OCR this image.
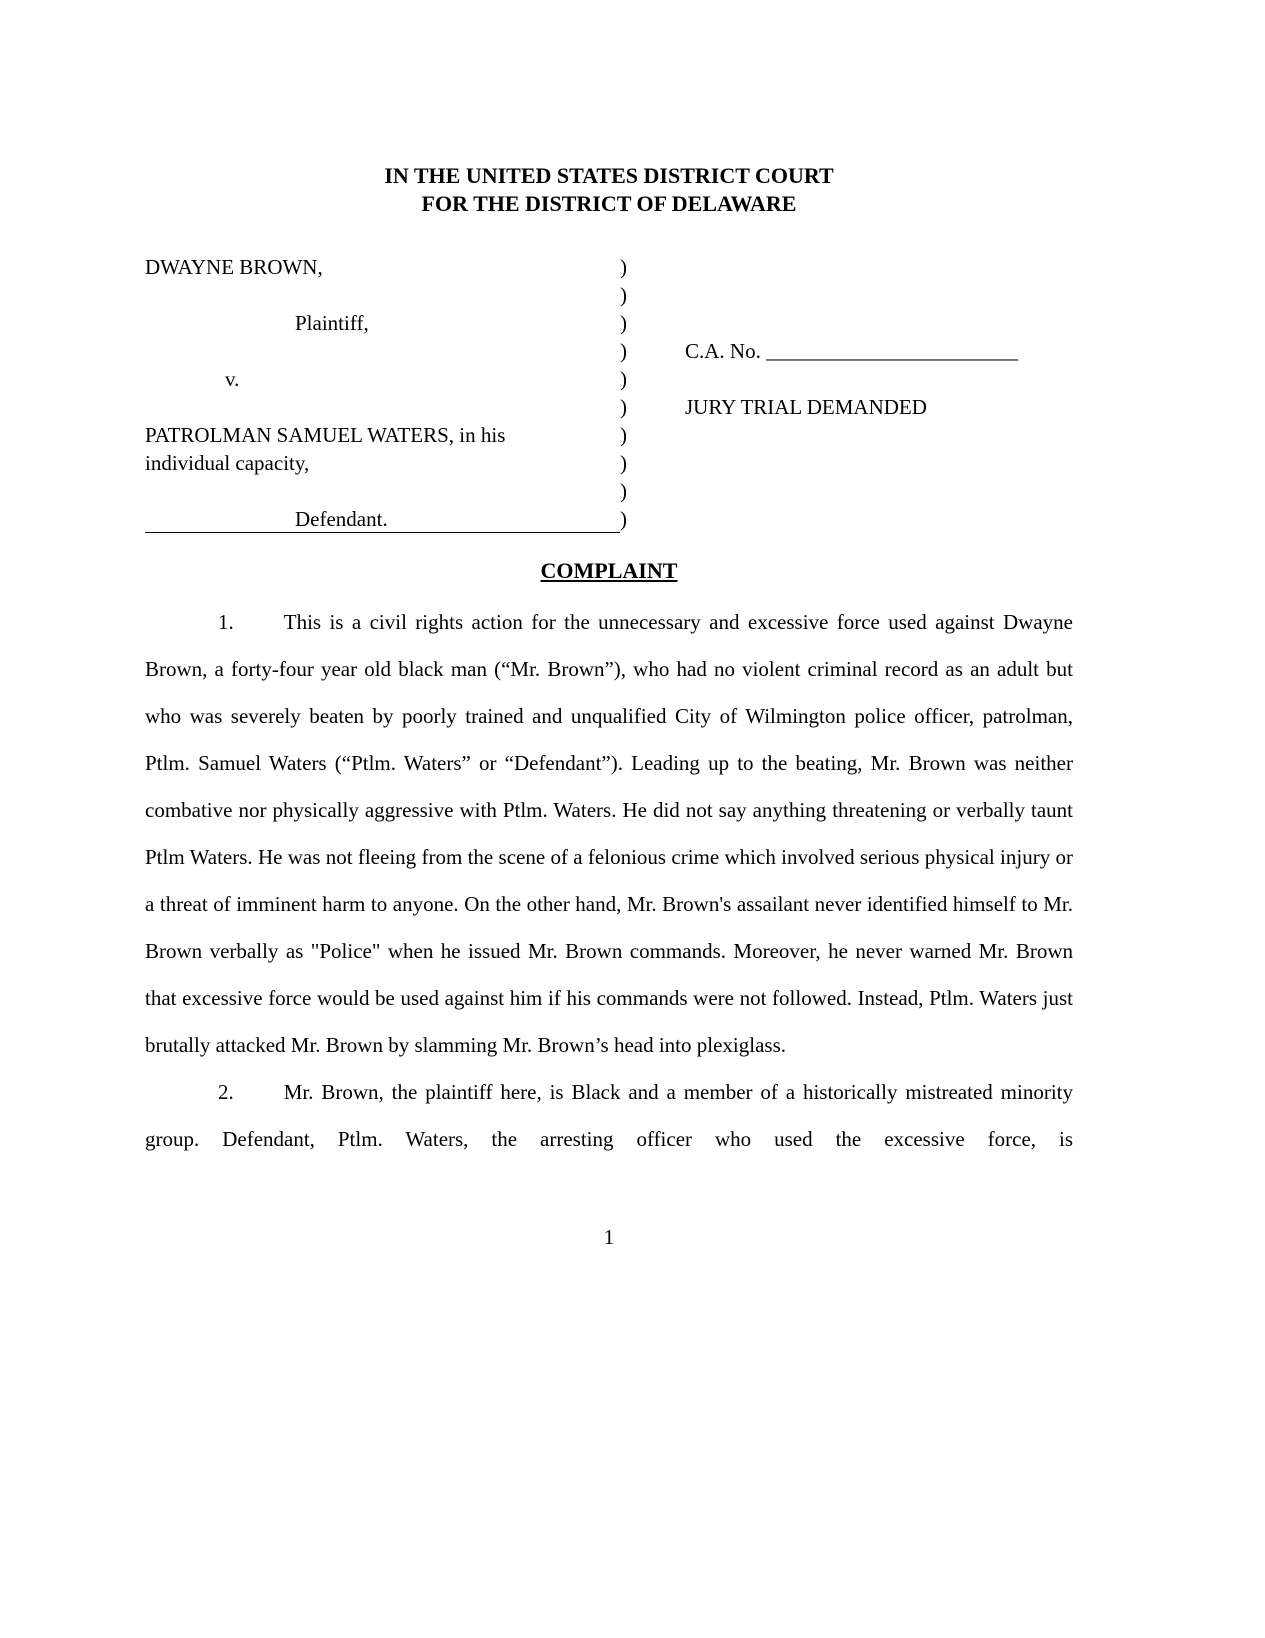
IN THE UNITED STATES DISTRICT COURT
FOR THE DISTRICT OF DELAWARE
DWAYNE BROWN,
Plaintiff,
v.
PATROLMAN SAMUEL WATERS, in his
individual capacity,
Defendant.
)
)
)
)
)
)
)
)
)
)
C.A. No. ________________________
JURY TRIAL DEMANDED
COMPLAINT

1. This is a civil rights action for the unnecessary and excessive force used against Dwayne Brown, a forty-four year old black man (“Mr. Brown”), who had no violent criminal record as an adult but who was severely beaten by poorly trained and unqualified City of Wilmington police officer, patrolman, Ptlm. Samuel Waters (“Ptlm. Waters” or “Defendant”). Leading up to the beating, Mr. Brown was neither combative nor physically aggressive with Ptlm. Waters. He did not say anything threatening or verbally taunt Ptlm Waters. He was not fleeing from the scene of a felonious crime which involved serious physical injury or a threat of imminent harm to anyone. On the other hand, Mr. Brown's assailant never identified himself to Mr. Brown verbally as "Police" when he issued Mr. Brown commands. Moreover, he never warned Mr. Brown that excessive force would be used against him if his commands were not followed. Instead, Ptlm. Waters just brutally attacked Mr. Brown by slamming Mr. Brown’s head into plexiglass.

2. Mr. Brown, the plaintiff here, is Black and a member of a historically mistreated minority group. Defendant, Ptlm. Waters, the arresting officer who used the excessive force, is

1
